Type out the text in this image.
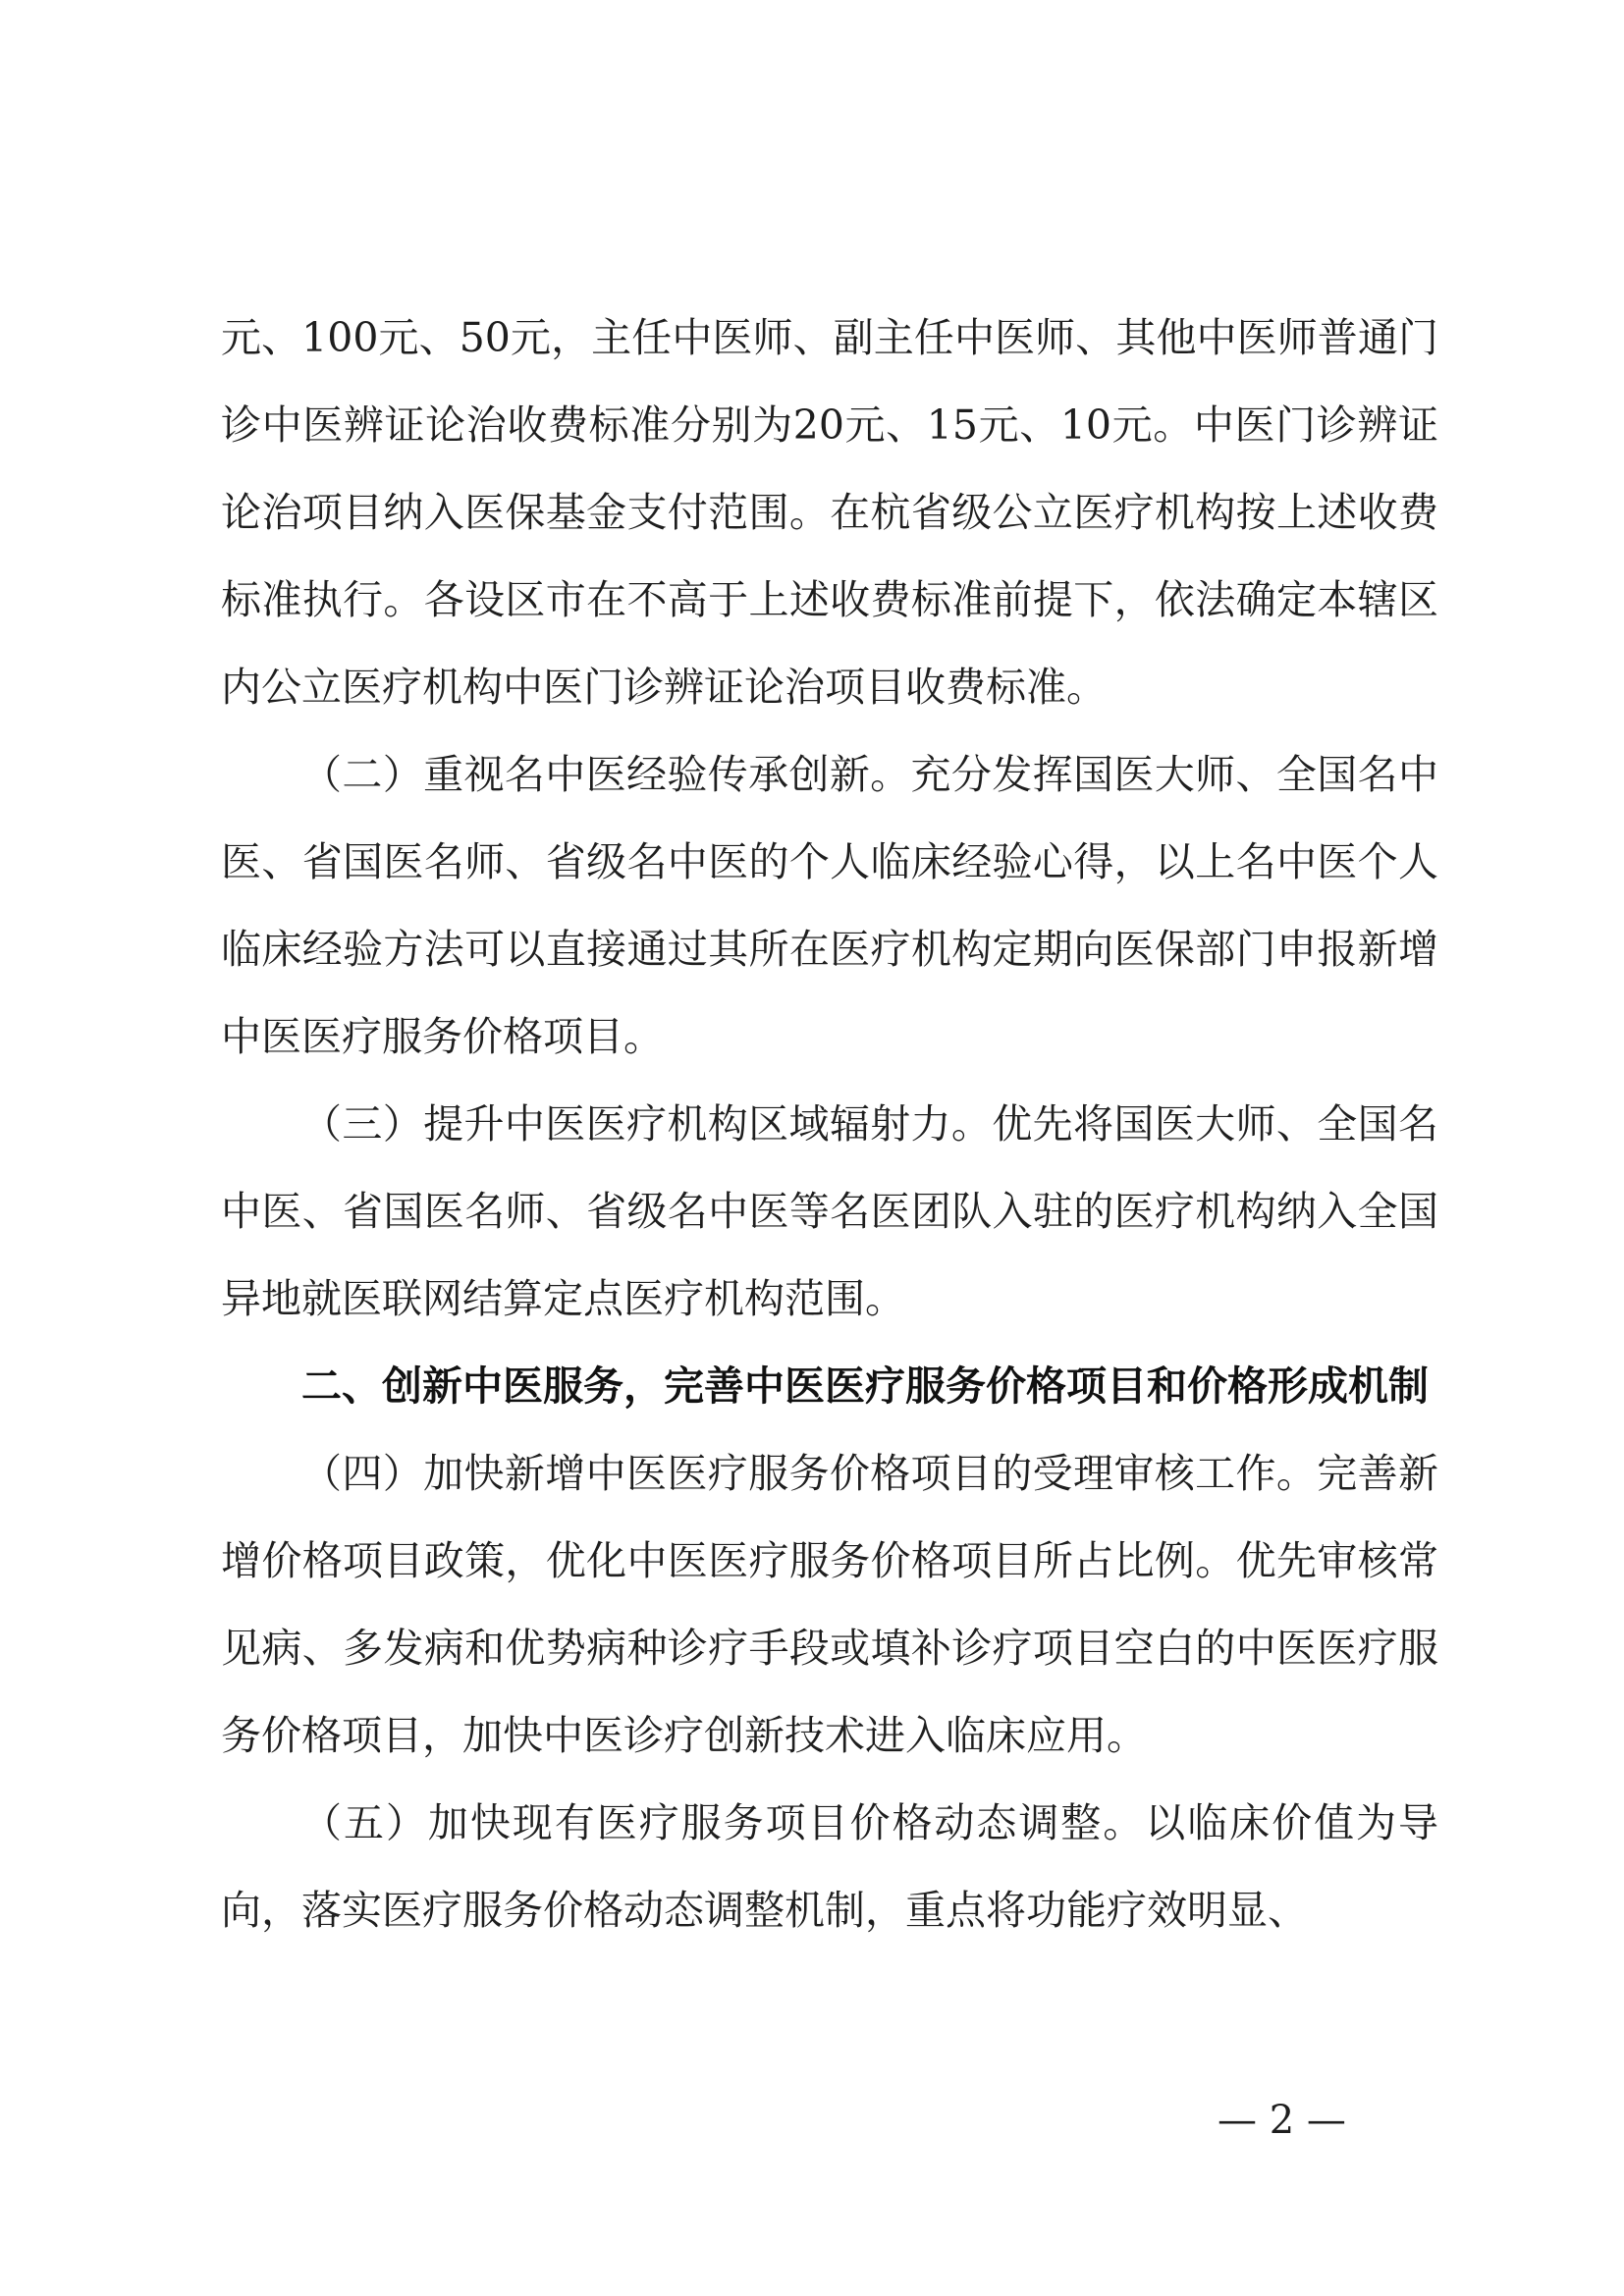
元、100元、50元，主任中医师、副主任中医师、其他中医师普通门诊中医辨证论治收费标准分别为20元、15元、10元。中医门诊辨证论治项目纳入医保基金支付范围。在杭省级公立医疗机构按上述收费标准执行。各设区市在不高于上述收费标准前提下，依法确定本辖区内公立医疗机构中医门诊辨证论治项目收费标准。

（二）重视名中医经验传承创新。充分发挥国医大师、全国名中医、省国医名师、省级名中医的个人临床经验心得，以上名中医个人临床经验方法可以直接通过其所在医疗机构定期向医保部门申报新增中医医疗服务价格项目。

（三）提升中医医疗机构区域辐射力。优先将国医大师、全国名中医、省国医名师、省级名中医等名医团队入驻的医疗机构纳入全国异地就医联网结算定点医疗机构范围。

二、创新中医服务，完善中医医疗服务价格项目和价格形成机制

（四）加快新增中医医疗服务价格项目的受理审核工作。完善新增价格项目政策，优化中医医疗服务价格项目所占比例。优先审核常见病、多发病和优势病种诊疗手段或填补诊疗项目空白的中医医疗服务价格项目，加快中医诊疗创新技术进入临床应用。

（五）加快现有医疗服务项目价格动态调整。以临床价值为导向，落实医疗服务价格动态调整机制，重点将功能疗效明显、

— 2 —
